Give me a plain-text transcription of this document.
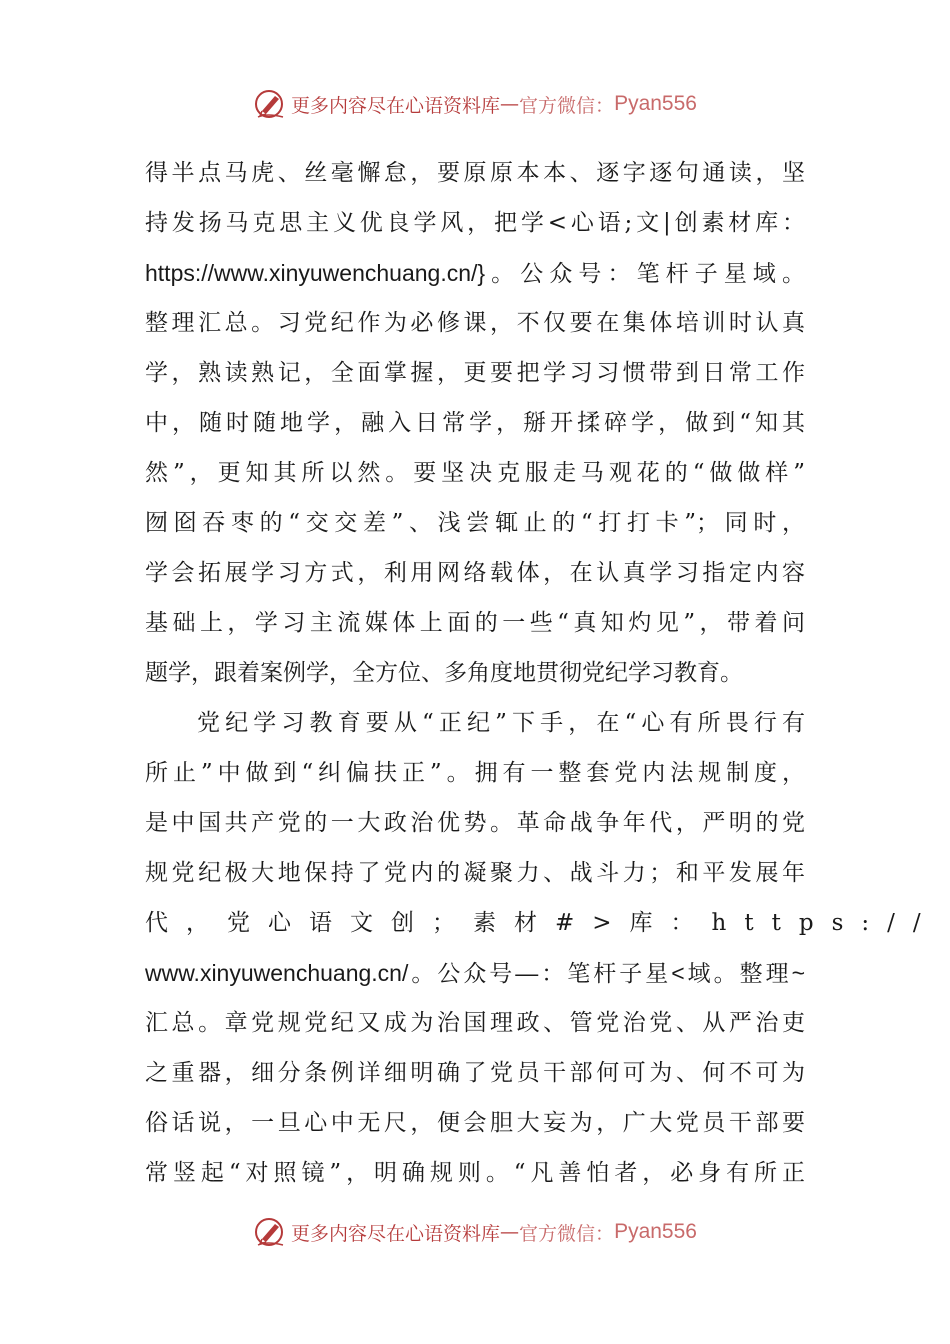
更多内容尽在心语资料库 — 官方微信： Pyan556
得半点马虎、丝毫懈怠，要原原本本、逐字逐句通读，坚
持发扬马克思主义优良学风，把学<心语;文|创素材库：
https://www.xinyuwenchuang.cn/}。公众号：笔杆子星域。
整理汇总。习党纪作为必修课，不仅要在集体培训时认真
学，熟读熟记，全面掌握，更要把学习习惯带到日常工作
中，随时随地学，融入日常学，掰开揉碎学，做到“知其
然”，更知其所以然。要坚决克服走马观花的“做做样”
囫囵吞枣的“交交差”、浅尝辄止的“打打卡”；同时，
学会拓展学习方式，利用网络载体，在认真学习指定内容
基础上，学习主流媒体上面的一些“真知灼见”，带着问
题学，跟着案例学，全方位、多角度地贯彻党纪学习教育。
党纪学习教育要从“正纪”下手，在“心有所畏行有
所止”中做到“纠偏扶正”。拥有一整套党内法规制度，
是中国共产党的一大政治优势。革命战争年代，严明的党
规党纪极大地保持了党内的凝聚力、战斗力；和平发展年
代，党心语文创；素材#>库：https://
www.xinyuwenchuang.cn/。公众号—：笔杆子星<域。整理~
汇总。章党规党纪又成为治国理政、管党治党、从严治吏
之重器，细分条例详细明确了党员干部何可为、何不可为
俗话说，一旦心中无尺，便会胆大妄为，广大党员干部要
常竖起“对照镜”，明确规则。“凡善怕者，必身有所正
更多内容尽在心语资料库 — 官方微信： Pyan556
